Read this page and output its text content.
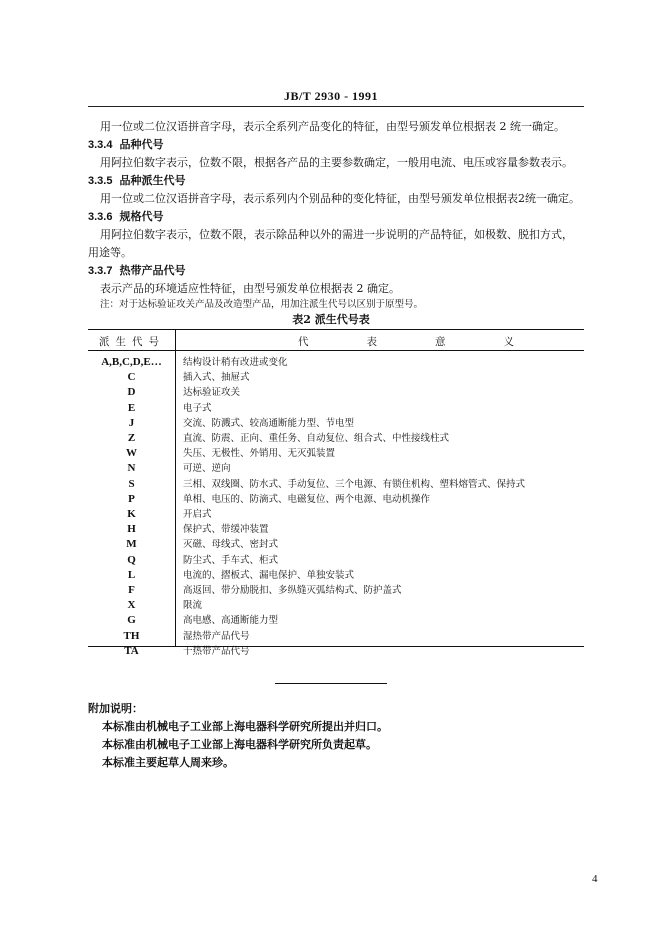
JB/T 2930 - 1991
用一位或二位汉语拼音字母，表示全系列产品变化的特征，由型号颁发单位根据表 2 统一确定。
3.3.4 品种代号
用阿拉伯数字表示，位数不限，根据各产品的主要参数确定，一般用电流、电压或容量参数表示。
3.3.5 品种派生代号
用一位或二位汉语拼音字母，表示系列内个别品种的变化特征，由型号颁发单位根据表2统一确定。
3.3.6 规格代号
用阿拉伯数字表示，位数不限，表示除品种以外的需进一步说明的产品特征，如极数、脱扣方式，
用途等。
3.3.7 热带产品代号
表示产品的环境适应性特征，由型号颁发单位根据表 2 确定。
注：对于达标验证攻关产品及改造型产品，用加注派生代号以区别于原型号。
表2 派生代号表
派生代号	代表意义
A,B,C,D,E…	结构设计稍有改进或变化
C	插入式、抽屉式
D	达标验证攻关
E	电子式
J	交流、防溅式、较高通断能力型、节电型
Z	直流、防震、正向、重任务、自动复位、组合式、中性接线柱式
W	失压、无极性、外销用、无灭弧装置
N	可逆、逆向
S	三相、双线圈、防水式、手动复位、三个电源、有锁住机构、塑料熔管式、保持式
P	单相、电压的、防滴式、电磁复位、两个电源、电动机操作
K	开启式
H	保护式、带缓冲装置
M	灭磁、母线式、密封式
Q	防尘式、手车式、柜式
L	电流的、摺板式、漏电保护、单独安装式
F	高返回、带分励脱扣、多纵缝灭弧结构式、防护盖式
X	限流
G	高电感、高通断能力型
TH	湿热带产品代号
TA	干热带产品代号
附加说明：
本标准由机械电子工业部上海电器科学研究所提出并归口。
本标准由机械电子工业部上海电器科学研究所负责起草。
本标准主要起草人周来珍。
4
